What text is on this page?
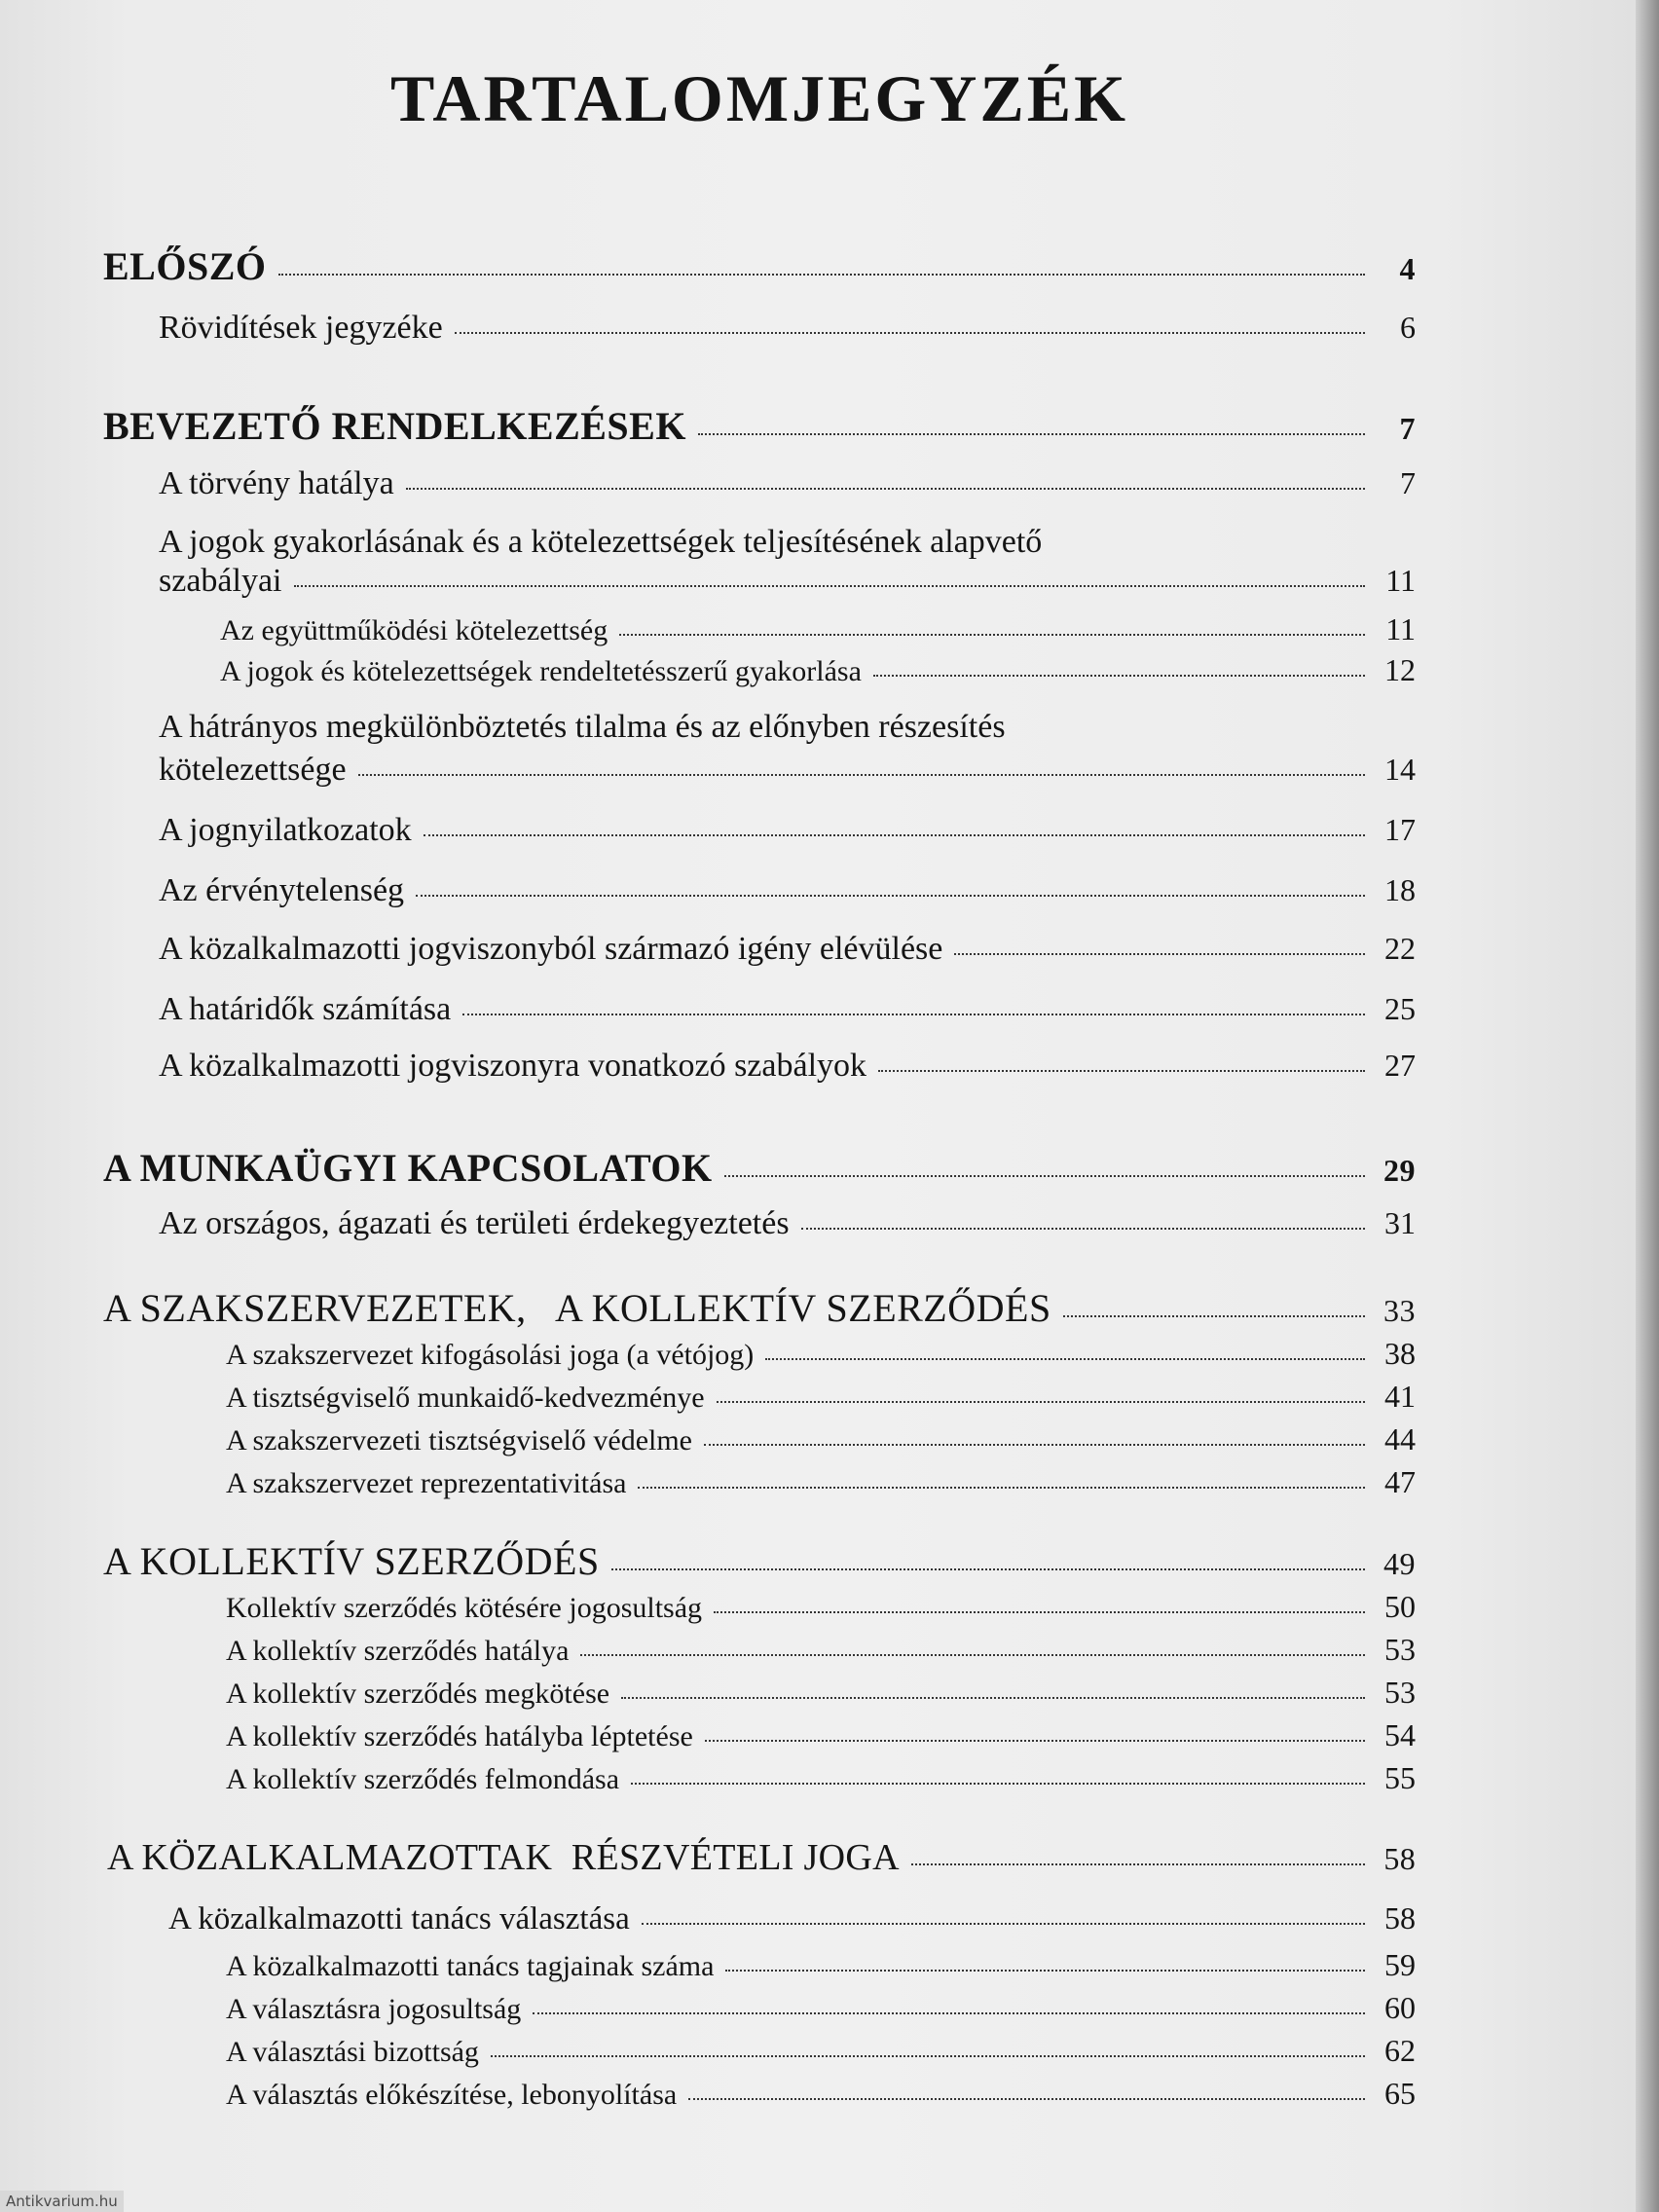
TARTALOMJEGYZÉK
ELŐSZÓ	4
Rövidítések jegyzéke	6
BEVEZETŐ RENDELKEZÉSEK	7
A törvény hatálya	7
A jogok gyakorlásának és a kötelezettségek teljesítésének alapvető
szabályai	11
Az együttműködési kötelezettség	11
A jogok és kötelezettségek rendeltetésszerű gyakorlása	12
A hátrányos megkülönböztetés tilalma és az előnyben részesítés
kötelezettsége	14
A jognyilatkozatok	17
Az érvénytelenség	18
A közalkalmazotti jogviszonyból származó igény elévülése	22
A határidők számítása	25
A közalkalmazotti jogviszonyra vonatkozó szabályok	27
A MUNKAÜGYI KAPCSOLATOK	29
Az országos, ágazati és területi érdekegyeztetés	31
A SZAKSZERVEZETEK,   A KOLLEKTÍV SZERZŐDÉS	33
A szakszervezet kifogásolási joga (a vétójog)	38
A tisztségviselő munkaidő-kedvezménye	41
A szakszervezeti tisztségviselő védelme	44
A szakszervezet reprezentativitása	47
A KOLLEKTÍV SZERZŐDÉS	49
Kollektív szerződés kötésére jogosultság	50
A kollektív szerződés hatálya	53
A kollektív szerződés megkötése	53
A kollektív szerződés hatályba léptetése	54
A kollektív szerződés felmondása	55
A KÖZALKALMAZOTTAK  RÉSZVÉTELI JOGA	58
A közalkalmazotti tanács választása	58
A közalkalmazotti tanács tagjainak száma	59
A választásra jogosultság	60
A választási bizottság	62
A választás előkészítése, lebonyolítása	65
Antikvarium.hu
